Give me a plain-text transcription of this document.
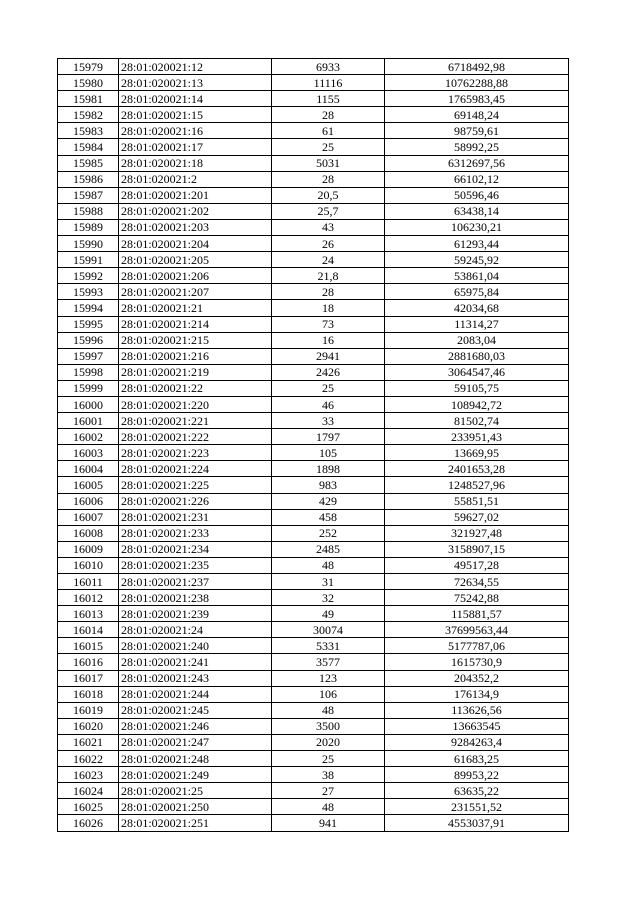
15979	28:01:020021:12	6933	6718492,98
15980	28:01:020021:13	11116	10762288,88
15981	28:01:020021:14	1155	1765983,45
15982	28:01:020021:15	28	69148,24
15983	28:01:020021:16	61	98759,61
15984	28:01:020021:17	25	58992,25
15985	28:01:020021:18	5031	6312697,56
15986	28:01:020021:2	28	66102,12
15987	28:01:020021:201	20,5	50596,46
15988	28:01:020021:202	25,7	63438,14
15989	28:01:020021:203	43	106230,21
15990	28:01:020021:204	26	61293,44
15991	28:01:020021:205	24	59245,92
15992	28:01:020021:206	21,8	53861,04
15993	28:01:020021:207	28	65975,84
15994	28:01:020021:21	18	42034,68
15995	28:01:020021:214	73	11314,27
15996	28:01:020021:215	16	2083,04
15997	28:01:020021:216	2941	2881680,03
15998	28:01:020021:219	2426	3064547,46
15999	28:01:020021:22	25	59105,75
16000	28:01:020021:220	46	108942,72
16001	28:01:020021:221	33	81502,74
16002	28:01:020021:222	1797	233951,43
16003	28:01:020021:223	105	13669,95
16004	28:01:020021:224	1898	2401653,28
16005	28:01:020021:225	983	1248527,96
16006	28:01:020021:226	429	55851,51
16007	28:01:020021:231	458	59627,02
16008	28:01:020021:233	252	321927,48
16009	28:01:020021:234	2485	3158907,15
16010	28:01:020021:235	48	49517,28
16011	28:01:020021:237	31	72634,55
16012	28:01:020021:238	32	75242,88
16013	28:01:020021:239	49	115881,57
16014	28:01:020021:24	30074	37699563,44
16015	28:01:020021:240	5331	5177787,06
16016	28:01:020021:241	3577	1615730,9
16017	28:01:020021:243	123	204352,2
16018	28:01:020021:244	106	176134,9
16019	28:01:020021:245	48	113626,56
16020	28:01:020021:246	3500	13663545
16021	28:01:020021:247	2020	9284263,4
16022	28:01:020021:248	25	61683,25
16023	28:01:020021:249	38	89953,22
16024	28:01:020021:25	27	63635,22
16025	28:01:020021:250	48	231551,52
16026	28:01:020021:251	941	4553037,91
